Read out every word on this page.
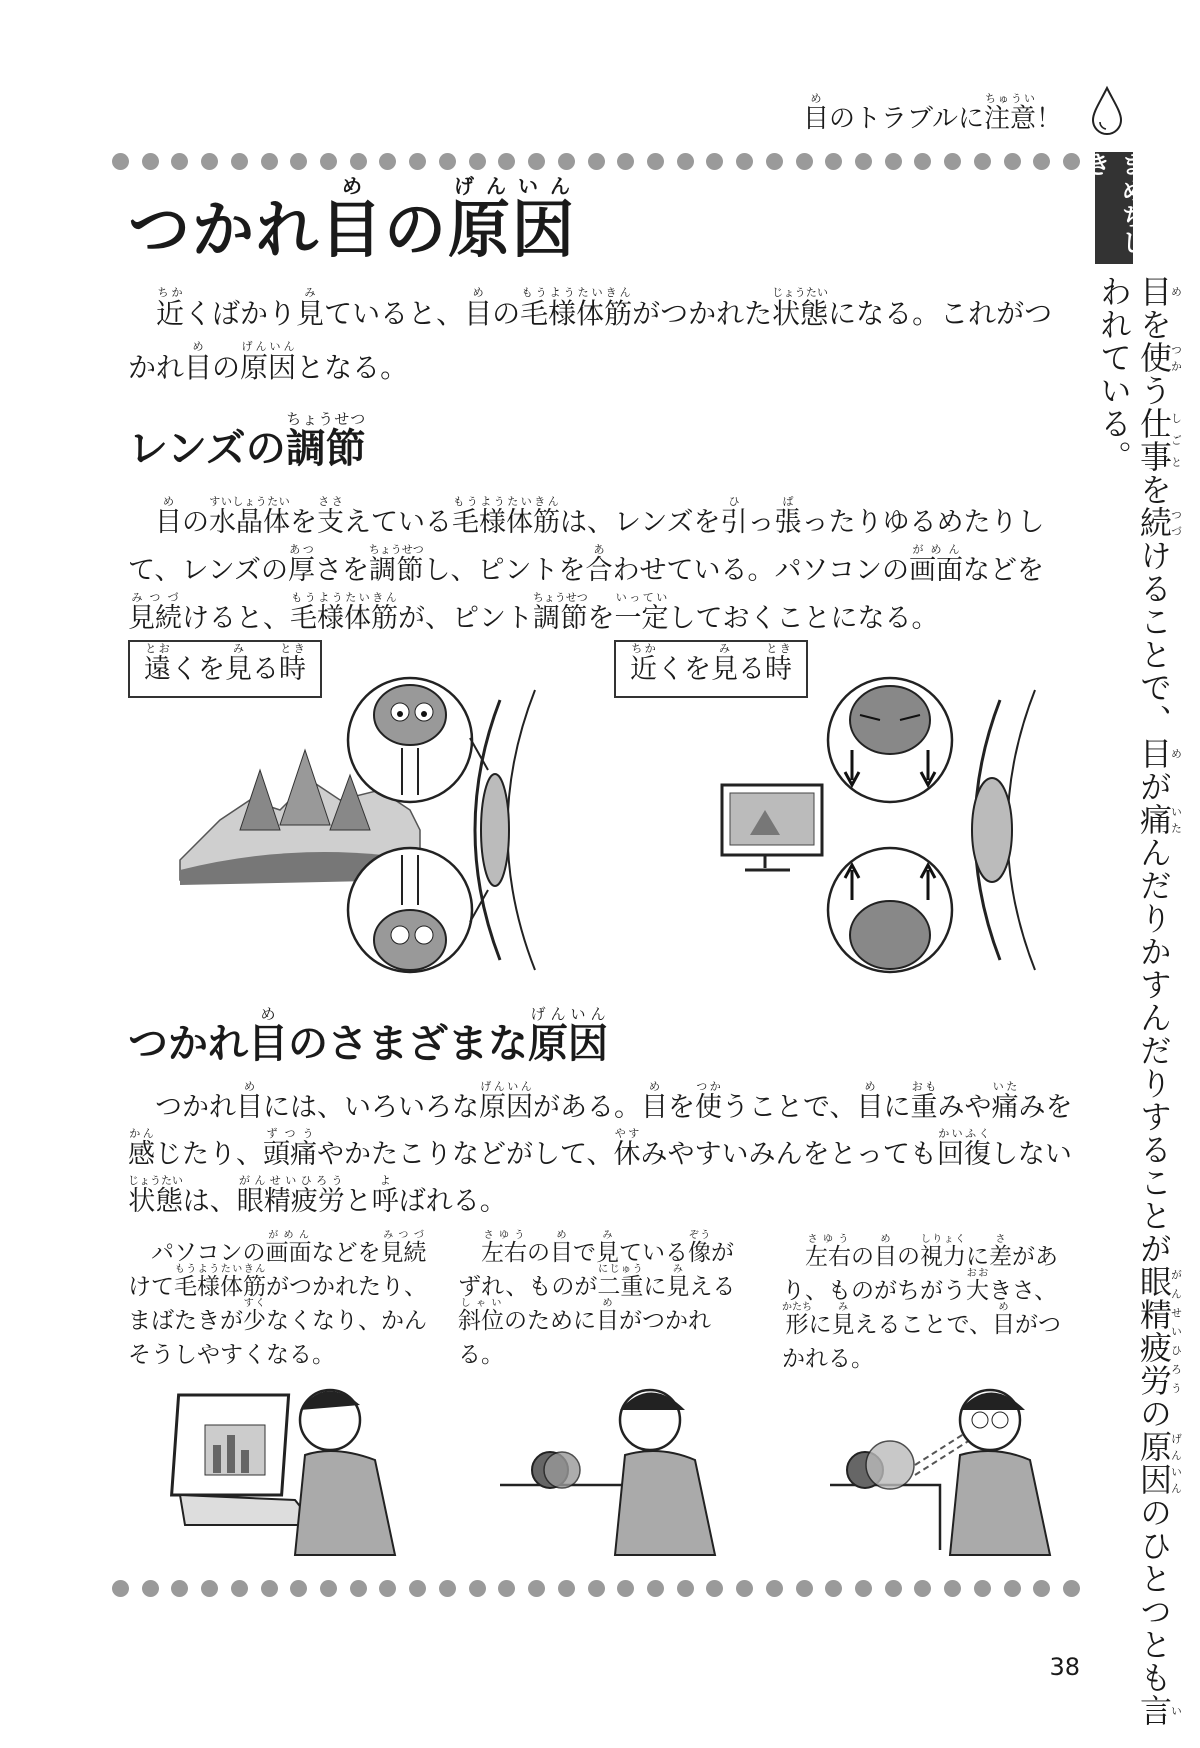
目めのトラブルに注意ちゅうい！
まめちしき
目めを使つかう仕事しごとを続つづけることで、目めが痛いたんだりかすんだりすることが眼精疲労がんせいひろうの原因げんいんのひとつとも言いわれている。
つかれ目めの原因げんいん

　近ちかくばかり見みていると、目めの毛様体筋もうようたいきんがつかれた状態じょうたいになる。これがつかれ目めの原因げんいんとなる。

レンズの調節ちょうせつ

　目めの水晶体すいしょうたいを支ささえている毛様体筋もうようたいきんは、レンズを引ひっ張ぱったりゆるめたりして、レンズの厚あつさを調節ちょうせつし、ピントを合あわせている。パソコンの画面がめんなどを見続みつづけると、毛様体筋もうようたいきんが、ピント調節ちょうせつを一定いっていしておくことになる。

遠とおくを見みる時とき
近ちかくを見みる時とき
つかれ目めのさまざまな原因げんいん

　つかれ目めには、いろいろな原因げんいんがある。目めを使つかうことで、目めに重おもみや痛いたみを感かんじたり、頭痛ずつうやかたこりなどがして、休やすみやすいみんをとっても回復かいふくしない状態じょうたいは、眼精疲労がんせいひろうと呼よばれる。

　パソコンの画面がめんなどを見続みつづけて毛様体筋もうようたいきんがつかれたり、まばたきが少すくなくなり、かんそうしやすくなる。

　左右さゆうの目めで見みている像ぞうがずれ、ものが二重にじゅうに見みえる斜位しゃいのために目めがつかれる。

　左右さゆうの目めの視力しりょくに差さがあり、ものがちがう大おおきさ、形かたちに見みえることで、目めがつかれる。

38
